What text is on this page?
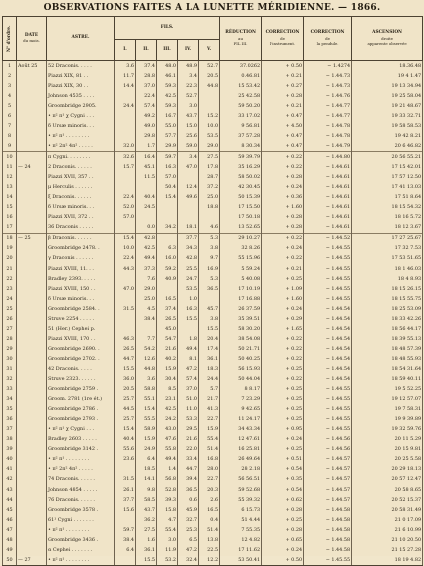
OBSERVATIONS FAITES A LA LUNETTE MÉRIDIENNE. — 1866.
N° d'ordre.	DATE
du mois.	ASTRE.	FILS.					RÉDUCTION
au
FIL III.	CORRECTION
de
l'instrument.	CORRECTION
de
la pendule.	ASCENSION
droite
apparente observée

			I.	II.	III.	IV.	V.				
1	Août 25	52 Draconis. . . . .	3.6	37.4	48.0	48.9	52.7	37.0262	+ 0.50	− 1.4274	18.36.48
2		Piazzi XIX, 81 . .	11.7	28.8	46.1	3.4	20.5	0.46.81	+ 0.21	− 1.44.73	19 4 1.47
3		Piazzi XIX, 30 . .	14.4	37.0	59.3	22.3	44.8	15 53.42	+ 0.27	− 1.44.73	19 13 34.94
4		Johnson 4535 . . . .		22.4	42.5	52.7		25 42.58	+ 0.28	− 1.44.76	19 25 58.04
5		Groombridge 2905.	24.4	57.4	59.3	3.0		59 50.20	+ 0.21	− 1.44.77	19 21 48.67
6		• π² π¹ χ Cygni . . .		49.2	16.7	43.7	15.2	33 17.02	+ 0.47	− 1.44.77	19 33 32.71
7		δ Ursæ minoris. . .		49.0	55.0	15.0	10.0	9 56.81	+ 4.50	− 1.44.78	19 58 58.53
8		• π² π¹ . . . . . . . .		29.8	57.7	25.6	53.5	37 57.28	+ 0.47	− 1.44.78	19 42 8.21
9		• π² 2π² 4π² . . . . .	32.0	1.7	29.9	59.0	29.0	8 30.34	+ 0.47	− 1.44.79	20 6 46.82
10		π Cygni. . . . . . . .	32.6	16.4	59.7	3.4	27.5	59 39.79	+ 0.22	− 1.44.80	20 56 55.21
11	— 24	2 Draconis. . . . . .	15.7	45.1	16.3	47.0	17.8	35 16.29	+ 0.22	− 1.44.61	17 15 42.01
12		Piazzi XVII, 357 . .		11.5	57.0		28.7	58 50.02	+ 0.28	− 1.44.61	17 57 12.50
13		μ Herculis . . . . . .			50.4	12.4	37.2	42 30.45	+ 0.24	− 1.44.61	17 41 13.03
14		ξ Draconis. . . . . .	22.4	40.4	15.4	49.6	25.0	50 15.39	+ 0.36	− 1.44.61	17 51 8.64
15		δ Ursæ minoris. . .	52.0	24.5			18.8	17 15.50	+ 1.60	− 1.44.61	18 15 54.32
16		Piazzi XVII, 372 . .	57.0					17 50.18	+ 0.28	− 1.44.61	18 16 5.72
17		36 Draconis . . . . .		0.0	34.2	18.1	4.6	13 52.65	+ 0.28	− 1.44.61	18 12 3.67
18	— 25	β Draconis. . . . . .	15.4	42.8		37.7	5.3	29 10.27	+ 0.22	− 1.44.52	17 27 25.67
19		Groombridge 2478. .	10.0	42.5	6.3	34.3	3.8	32 8.26	+ 0.24	− 1.44.55	17 32 7.53
20		γ Draconis . . . . . .	22.4	49.4	16.0	42.8	9.7	55 15.96	+ 0.22	− 1.44.55	17 53 51.65
21		Piazzi XVIII, 11. . .	44.3	37.3	59.2	25.5	16.9	5 59.24	+ 0.21	− 1.44.55	18 1 46.03
22		Bradley 2393. . . . .		7.6	40.9	24.7	5.3	5 40.08	+ 0.25	− 1.44.55	18 4 8.93
23		Piazzi XVIII, 150 . .	47.0	29.0		53.5	36.5	17 10.19	+ 1.09	− 1.44.55	18 15 26.15
24		δ Ursæ minoris. . .		25.0	16.5	1.0		17 16.88	+ 1.60	− 1.44.55	18 15 55.75
25		Groombridge 2584. .	31.5	4.5	37.4	16.3	45.7	26 37.59	+ 0.24	− 1.44.54	18 25 53.09
26		Struve 2254 . . . . .		38.4	26.5	15.5	3.8	35 39.51	+ 0.29	− 1.44.54	18 33 42.26
27		51 (Her.) Cephei p.			45.0		15.5	58 30.20	+ 1.65	− 1.44.54	18 56 44.17
28		Piazzi XVIII, 170 . .	46.3	7.7	54.7	1.8	20.4	38 54.08	+ 0.22	− 1.44.54	18 39 55.13
29		Groombridge 2690. .	26.5	54.2	21.6	49.4	17.4	50 21.71	+ 0.22	− 1.44.54	18 48 57.39
30		Groombridge 2702. .	44.7	12.6	40.2	8.1	36.1	50 40.25	+ 0.22	− 1.44.54	18 48 55.93
31		42 Draconis. . . . .	15.5	44.8	15.9	47.2	18.3	56 15.93	+ 0.25	− 1.44.54	18 54 31.64
32		Struve 2323. . . . . .	36.0	3.6	30.4	57.4	24.4	50 44.04	+ 0.22	− 1.44.54	18 59 40.11
33		Groombridge 2759 .	20.5	58.8	8.5	37.0	5.7	8 8.17	+ 0.25	− 1.44.55	19 5 52.25
34		Groom. 2781 (1re ét.)	25.7	55.1	23.1	51.0	21.7	7 23.29	+ 0.25	− 1.44.55	19 12 57.07
35		Groombridge 2786 .	44.5	15.4	42.5	11.0	41.3	9 42.65	+ 0.25	− 1.44.55	19 7 58.31
36		Groombridge 2793 .	25.7	55.5	24.2	53.3	22.7	11 24.17	+ 0.25	− 1.44.55	19 9 39.89
37		• π² π¹ χ Cygni . . .	15.4	58.9	43.0	29.5	15.9	34 43.34	+ 0.95	− 1.44.55	19 32 59.76
38		Bradley 2603 . . . . .	40.4	15.9	47.6	21.6	55.4	12 47.61	+ 0.24	− 1.44.56	20 11 5.29
39		Groombridge 3142 .	55.6	24.9	55.8	22.0	51.4	16 25.81	+ 0.25	− 1.44.56	20 15 9.81
40		• π² π¹ . . . . . . . .	23.6	6.4	49.4	33.4	16.8	26 49.64	+ 0.51	− 1.44.57	20 25 5.58
41		• π² 2π² 4π² . . . . .		18.5	1.4	44.7	28.0	28 2.18	+ 0.54	− 1.44.57	20 29 18.13
42		74 Draconis. . . . . .	31.5	14.1	56.8	39.4	22.7	56 56.51	+ 0.35	− 1.44.57	20 57 12.47
43		Johnson 4854 . . . . .	26.1	9.8	52.8	36.5	20.3	59 52.68	+ 0.54	− 1.44.57	20 58 8.65
44		76 Draconis. . . . . .	37.7	58.5	39.3	0.6	2.6	55 39.32	+ 0.62	− 1.44.57	20 52 15.37
45		Groombridge 3578 .	15.6	43.7	15.8	45.9	16.5	6 15.73	+ 0.28	− 1.44.58	20 58 31.49
46		61¹ Cygni . . . . . . .		36.2	4.7	32.7	0.4	51 4.44	+ 0.25	− 1.44.58	21 0 17.09
47		• π² π¹ . . . . . . . .	59.7	27.5	55.4	25.3	51.4	7 55.35	+ 0.28	− 1.44.58	21 6 10.99
48		Groombridge 3436 .	38.4	1.6	3.0	6.5	13.8	12 4.82	+ 0.65	− 1.44.58	21 10 20.50
49		α Cephei . . . . . . .	6.4	36.1	11.9	47.2	22.5	17 11.62	+ 0.24	− 1.44.58	21 15 27.28
50	— 27	• π² π¹ . . . . . . . .		15.5	53.2	32.4	12.2	53 50.41	+ 0.50	− 1.45.55	18 19 4.82
